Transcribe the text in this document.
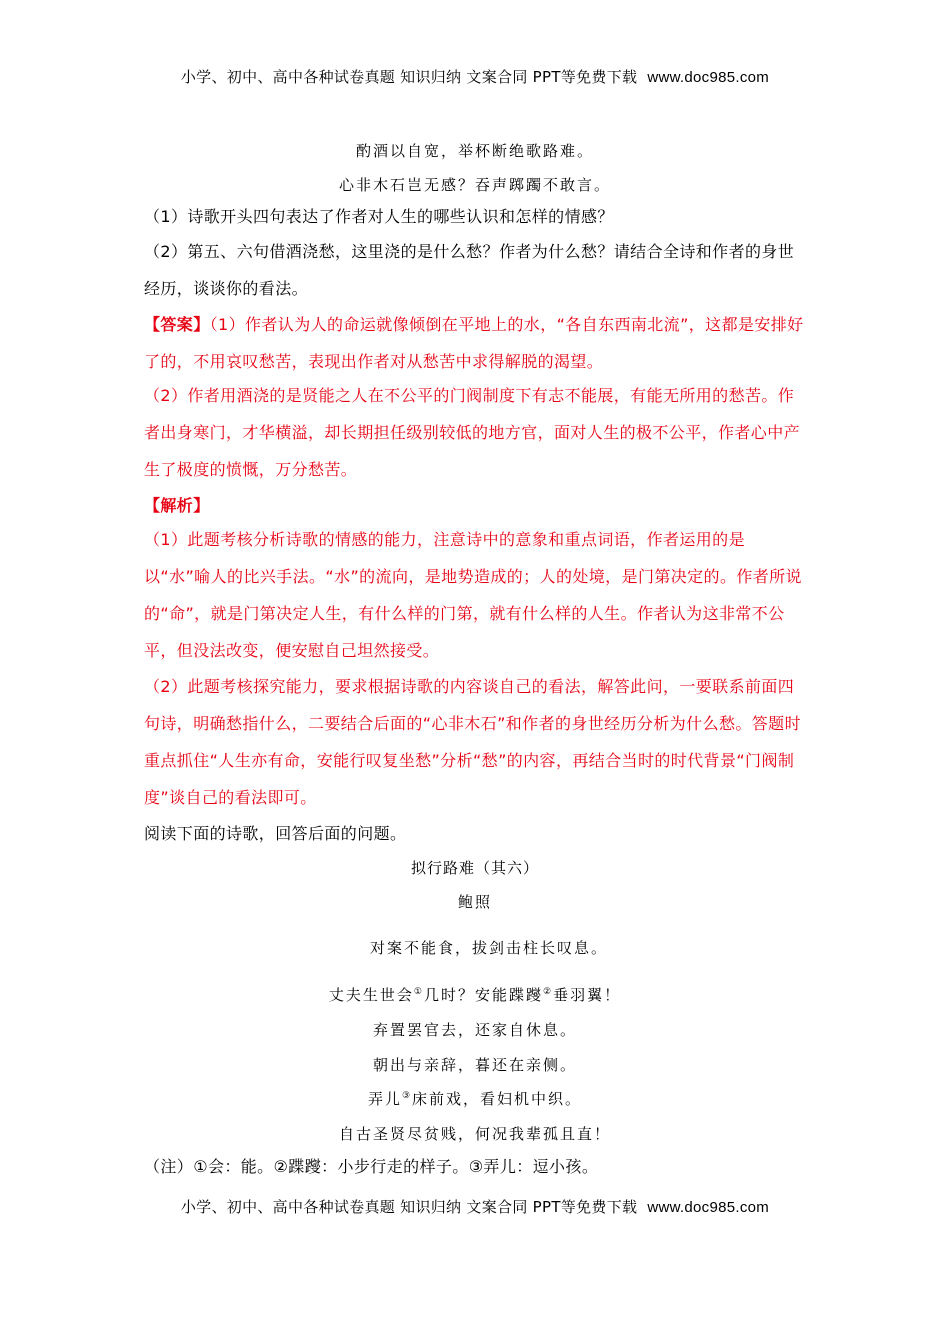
小学、初中、高中各种试卷真题 知识归纳 文案合同 PPT等免费下载 www.doc985.com
酌酒以自宽，举杯断绝歌路难。
心非木石岂无感？吞声踯躅不敢言。
（1）诗歌开头四句表达了作者对人生的哪些认识和怎样的情感？
（2）第五、六句借酒浇愁，这里浇的是什么愁？作者为什么愁？请结合全诗和作者的身世经历，谈谈你的看法。
【答案】（1）作者认为人的命运就像倾倒在平地上的水，“各自东西南北流”，这都是安排好了的，不用哀叹愁苦，表现出作者对从愁苦中求得解脱的渴望。
（2）作者用酒浇的是贤能之人在不公平的门阀制度下有志不能展，有能无所用的愁苦。作者出身寒门，才华横溢，却长期担任级别较低的地方官，面对人生的极不公平，作者心中产生了极度的愤慨，万分愁苦。
【解析】
（1）此题考核分析诗歌的情感的能力，注意诗中的意象和重点词语，作者运用的是以“水”喻人的比兴手法。“水”的流向，是地势造成的；人的处境，是门第决定的。作者所说的“命”，就是门第决定人生，有什么样的门第，就有什么样的人生。作者认为这非常不公平，但没法改变，便安慰自己坦然接受。
（2）此题考核探究能力，要求根据诗歌的内容谈自己的看法，解答此问，一要联系前面四句诗，明确愁指什么，二要结合后面的“心非木石”和作者的身世经历分析为什么愁。答题时重点抓住“人生亦有命，安能行叹复坐愁”分析“愁”的内容，再结合当时的时代背景“门阀制度”谈自己的看法即可。
阅读下面的诗歌，回答后面的问题。
拟行路难（其六）
鲍照
对案不能食，拔剑击柱长叹息。
丈夫生世会①几时？安能蹀躞②垂羽翼！
弃置罢官去，还家自休息。
朝出与亲辞，暮还在亲侧。
弄儿③床前戏，看妇机中织。
自古圣贤尽贫贱，何况我辈孤且直！
（注）①会：能。②蹀躞：小步行走的样子。③弄儿：逗小孩。
小学、初中、高中各种试卷真题 知识归纳 文案合同 PPT等免费下载 www.doc985.com
